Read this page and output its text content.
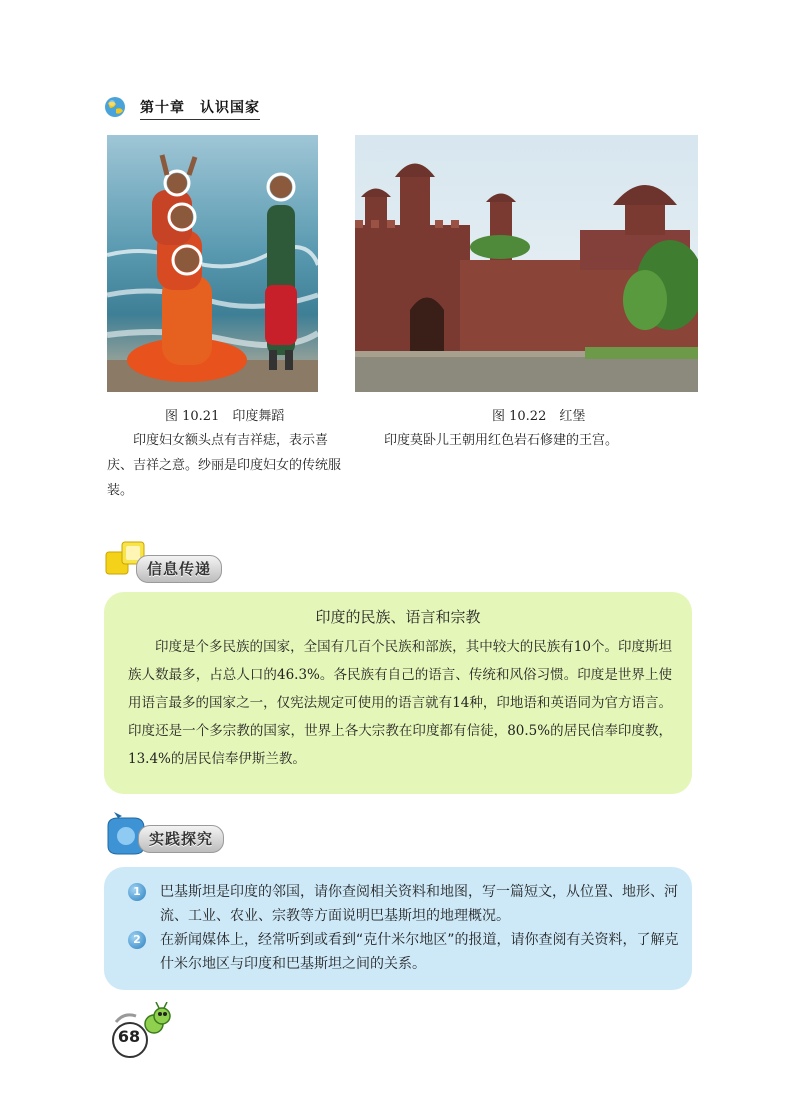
第十章　认识国家
图 10.21　印度舞蹈	图 10.22　红堡
印度妇女额头点有吉祥痣，表示喜庆、吉祥之意。纱丽是印度妇女的传统服装。
印度莫卧儿王朝用红色岩石修建的王宫。
信息传递
印度的民族、语言和宗教
印度是个多民族的国家，全国有几百个民族和部族，其中较大的民族有10个。印度斯坦族人数最多，占总人口的46.3%。各民族有自己的语言、传统和风俗习惯。印度是世界上使用语言最多的国家之一，仅宪法规定可使用的语言就有14种，印地语和英语同为官方语言。印度还是一个多宗教的国家，世界上各大宗教在印度都有信徒，80.5%的居民信奉印度教，13.4%的居民信奉伊斯兰教。
实践探究
1	巴基斯坦是印度的邻国，请你查阅相关资料和地图，写一篇短文，从位置、地形、河流、工业、农业、宗教等方面说明巴基斯坦的地理概况。
2	在新闻媒体上，经常听到或看到“克什米尔地区”的报道，请你查阅有关资料，了解克什米尔地区与印度和巴基斯坦之间的关系。
68
